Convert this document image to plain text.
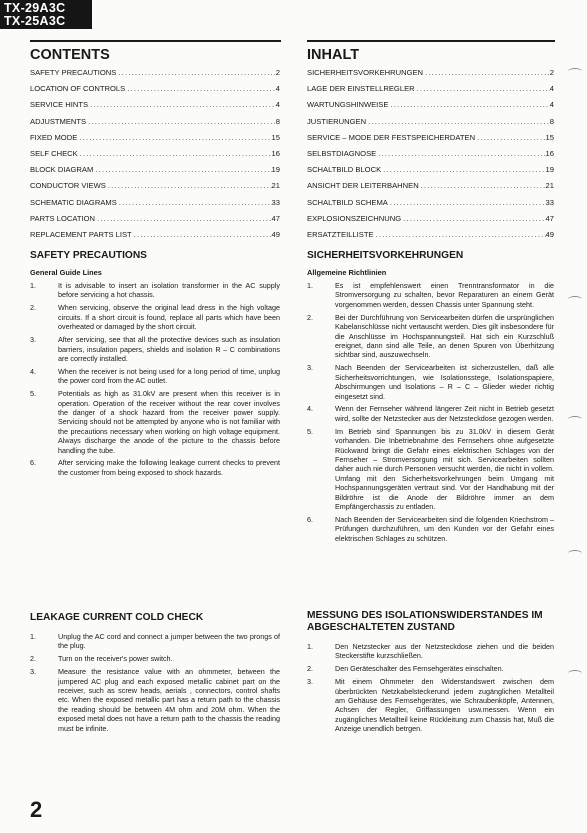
TX-29A3C
TX-25A3C
CONTENTS
SAFETY PRECAUTIONS .....	2
LOCATION OF CONTROLS .....	4
SERVICE HINTS .....	4
ADJUSTMENTS .....	8
FIXED MODE .....	15
SELF CHECK .....	16
BLOCK DIAGRAM .....	19
CONDUCTOR VIEWS .....	21
SCHEMATIC DIAGRAMS .....	33
PARTS LOCATION .....	47
REPLACEMENT PARTS LIST .....	49
SAFETY PRECAUTIONS
General Guide Lines
1.	It is advisable to insert an isolation transformer in the AC supply before servicing a hot chassis.
2.	When servicing, observe the original lead dress in the high voltage circuits. If a short circuit is found, replace all parts which have been overheated or damaged by the short circuit.
3.	After servicing, see that all the protective devices such as insulation barriers, insulation papers, shields and isolation R – C combinations are correctly installed.
4.	When the receiver is not being used for a long period of time, unplug the power cord from the AC outlet.
5.	Potentials as high as 31.0kV are present when this receiver is in operation. Operation of the receiver without the rear cover involves the danger of a shock hazard from the receiver power supply. Servicing should not be attempted by anyone who is not familiar with the precautions necessary when working on high voltage equipment. Always discharge the anode of the picture to the chassis before handling the tube.
6.	After servicing make the following leakage current checks to prevent the customer from being exposed to shock hazards.
LEAKAGE CURRENT COLD CHECK
1.	Unplug the AC cord and connect a jumper between the two prongs of the plug.
2.	Turn on the receiver's power switch.
3.	Measure the resistance value with an ohmmeter, between the jumpered AC plug and each exposed metallic cabinet part on the receiver, such as screw heads, aerials , connectors, control shafts etc. When the exposed metallic part has a return path to the chassis the reading should be between 4M ohm and 20M ohm. When the exposed metal does not have a return path to the chassis the reading must be infinite.
INHALT
SICHERHEITSVORKEHRUNGEN .....	2
LAGE DER EINSTELLREGLER .....	4
WARTUNGSHINWEISE .....	4
JUSTIERUNGEN .....	8
SERVICE – MODE DER FESTSPEICHERDATEN .....	15
SELBSTDIAGNOSE .....	16
SCHALTBILD BLOCK .....	19
ANSICHT DER LEITERBAHNEN .....	21
SCHALTBILD SCHEMA .....	33
EXPLOSIONSZEICHNUNG .....	47
ERSATZTEILLISTE .....	49
SICHERHEITSVORKEHRUNGEN
Allgemeine Richtlinien
1.	Es ist empfehlenswert einen Trenntransformator in die Stromversorgung zu schalten, bevor Reparaturen an einem Gerät vorgenommen werden, dessen Chassis unter Spannung steht.
2.	Bei der Durchführung von Servicearbeiten dürfen die ursprünglichen Kabelanschlüsse nicht vertauscht werden. Dies gilt insbesondere für die Anschlüsse im Hochspannungsteil. Hat sich ein Kurzschluß ereignet, dann sind alle Teile, an denen Spuren von Überhitzung sichtbar sind, auszuwechseln.
3.	Nach Beenden der Servicearbeiten ist sicherzustellen, daß alle Sicherheitsvorrichtungen, wie Isolationsstege, Isolationspapiere, Abschirmungen und Isolations – R – C – Glieder wieder richtig eingesetzt sind.
4.	Wenn der Fernseher während längerer Zeit nicht in Betrieb gesetzt wird, sollte der Netzstecker aus der Netzsteckdose gezogen werden.
5.	Im Betrieb sind Spannungen bis zu 31.0kV in diesem Gerät vorhanden. Die Inbetriebnahme des Fernsehers ohne aufgesetzte Rückwand bringt die Gefahr eines elektrischen Schlages von der Fernseher – Stromversorgung mit sich. Servicearbeiten sollten daher auch nie durch Personen versucht werden, die nicht in vollem. Umfang mit den Sicherheitsvorkehrungen beim Umgang mit Hochspannungsgeräten vertraut sind. Vor der Handhabung mit der Bildröhre ist die Anode der Bildröhre immer an dem Empfängerchassis zu entladen.
6.	Nach Beenden der Servicearbeiten sind die folgenden Kriechstrom – Prüfungen durchzuführen, um den Kunden vor der Gefahr eines elektrischen Schlages zu schützen.
MESSUNG DES ISOLATIONSWIDERSTANDES IM ABGESCHALTETEN ZUSTAND
1.	Den Netzstecker aus der Netzsteckdose ziehen und die beiden Steckerstifte kurzschließen.
2.	Den Geräteschalter des Fernsehgerätes einschalten.
3.	Mit einem Ohmmeter den Widerstandswert zwischen dem überbrückten Netzkabelsteckerund jedem zugänglichen Metallteil am Gehäuse des Fernsehgerätes, wie Schraubenköpfe, Antennen, Achsen der Regler, Griffassungen usw.messen. Wenn ein zugängliches Metallteil keine Rückleitung zum Chassis hat, Muß die Anzeige unendlich betrgen.
2
